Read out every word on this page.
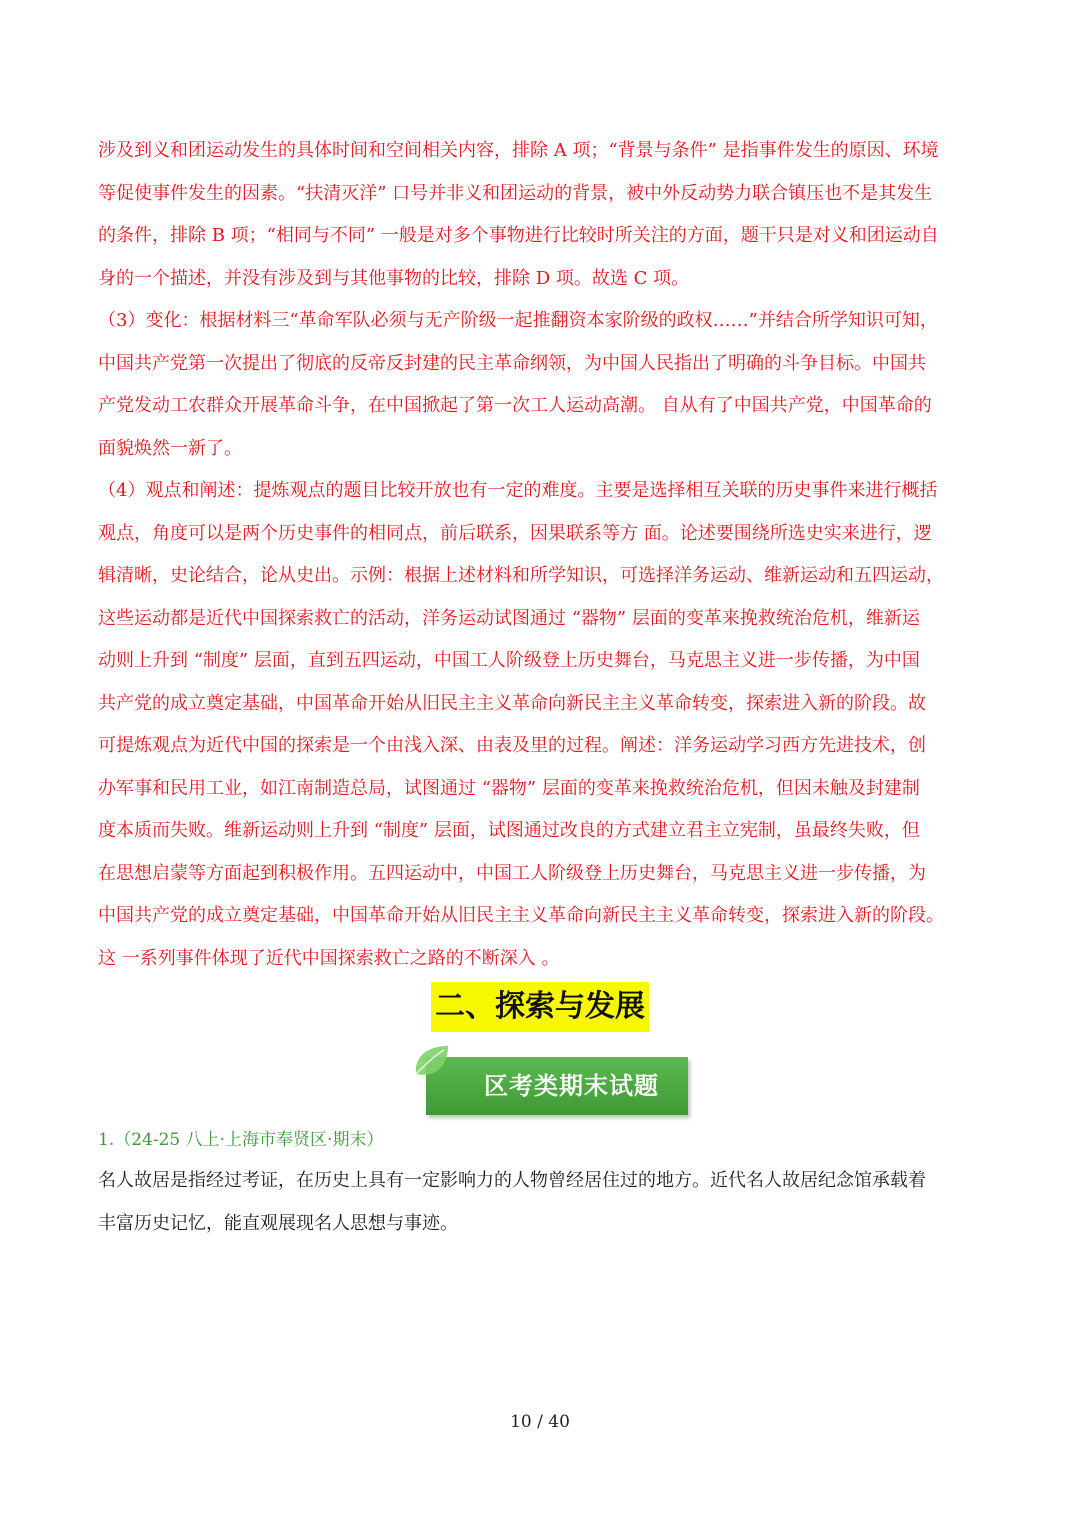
涉及到义和团运动发生的具体时间和空间相关内容，排除 A 项；“背景与条件” 是指事件发生的原因、环境
等促使事件发生的因素。“扶清灭洋” 口号并非义和团运动的背景，被中外反动势力联合镇压也不是其发生
的条件，排除 B 项；“相同与不同” 一般是对多个事物进行比较时所关注的方面，题干只是对义和团运动自
身的一个描述，并没有涉及到与其他事物的比较，排除 D 项。故选 C 项。
（3）变化：根据材料三“革命军队必须与无产阶级一起推翻资本家阶级的政权……”并结合所学知识可知，
中国共产党第一次提出了彻底的反帝反封建的民主革命纲领，为中国人民指出了明确的斗争目标。中国共
产党发动工农群众开展革命斗争，在中国掀起了第一次工人运动高潮。 自从有了中国共产党，中国革命的
面貌焕然一新了。
（4）观点和阐述：提炼观点的题目比较开放也有一定的难度。主要是选择相互关联的历史事件来进行概括
观点，角度可以是两个历史事件的相同点，前后联系，因果联系等方 面。论述要围绕所选史实来进行，逻
辑清晰，史论结合，论从史出。示例：根据上述材料和所学知识，可选择洋务运动、维新运动和五四运动，
这些运动都是近代中国探索救亡的活动，洋务运动试图通过 “器物” 层面的变革来挽救统治危机，维新运
动则上升到 “制度” 层面，直到五四运动，中国工人阶级登上历史舞台，马克思主义进一步传播，为中国
共产党的成立奠定基础，中国革命开始从旧民主主义革命向新民主主义革命转变，探索进入新的阶段。故
可提炼观点为近代中国的探索是一个由浅入深、由表及里的过程。阐述：洋务运动学习西方先进技术，创
办军事和民用工业，如江南制造总局，试图通过 “器物” 层面的变革来挽救统治危机，但因未触及封建制
度本质而失败。维新运动则上升到 “制度” 层面，试图通过改良的方式建立君主立宪制，虽最终失败，但
在思想启蒙等方面起到积极作用。五四运动中，中国工人阶级登上历史舞台，马克思主义进一步传播，为
中国共产党的成立奠定基础，中国革命开始从旧民主主义革命向新民主主义革命转变，探索进入新的阶段。
这 一系列事件体现了近代中国探索救亡之路的不断深入 。
二、探索与发展
区考类期末试题
1.（24-25 八上·上海市奉贤区·期末）
名人故居是指经过考证，在历史上具有一定影响力的人物曾经居住过的地方。近代名人故居纪念馆承载着
丰富历史记忆，能直观展现名人思想与事迹。
10 / 40
